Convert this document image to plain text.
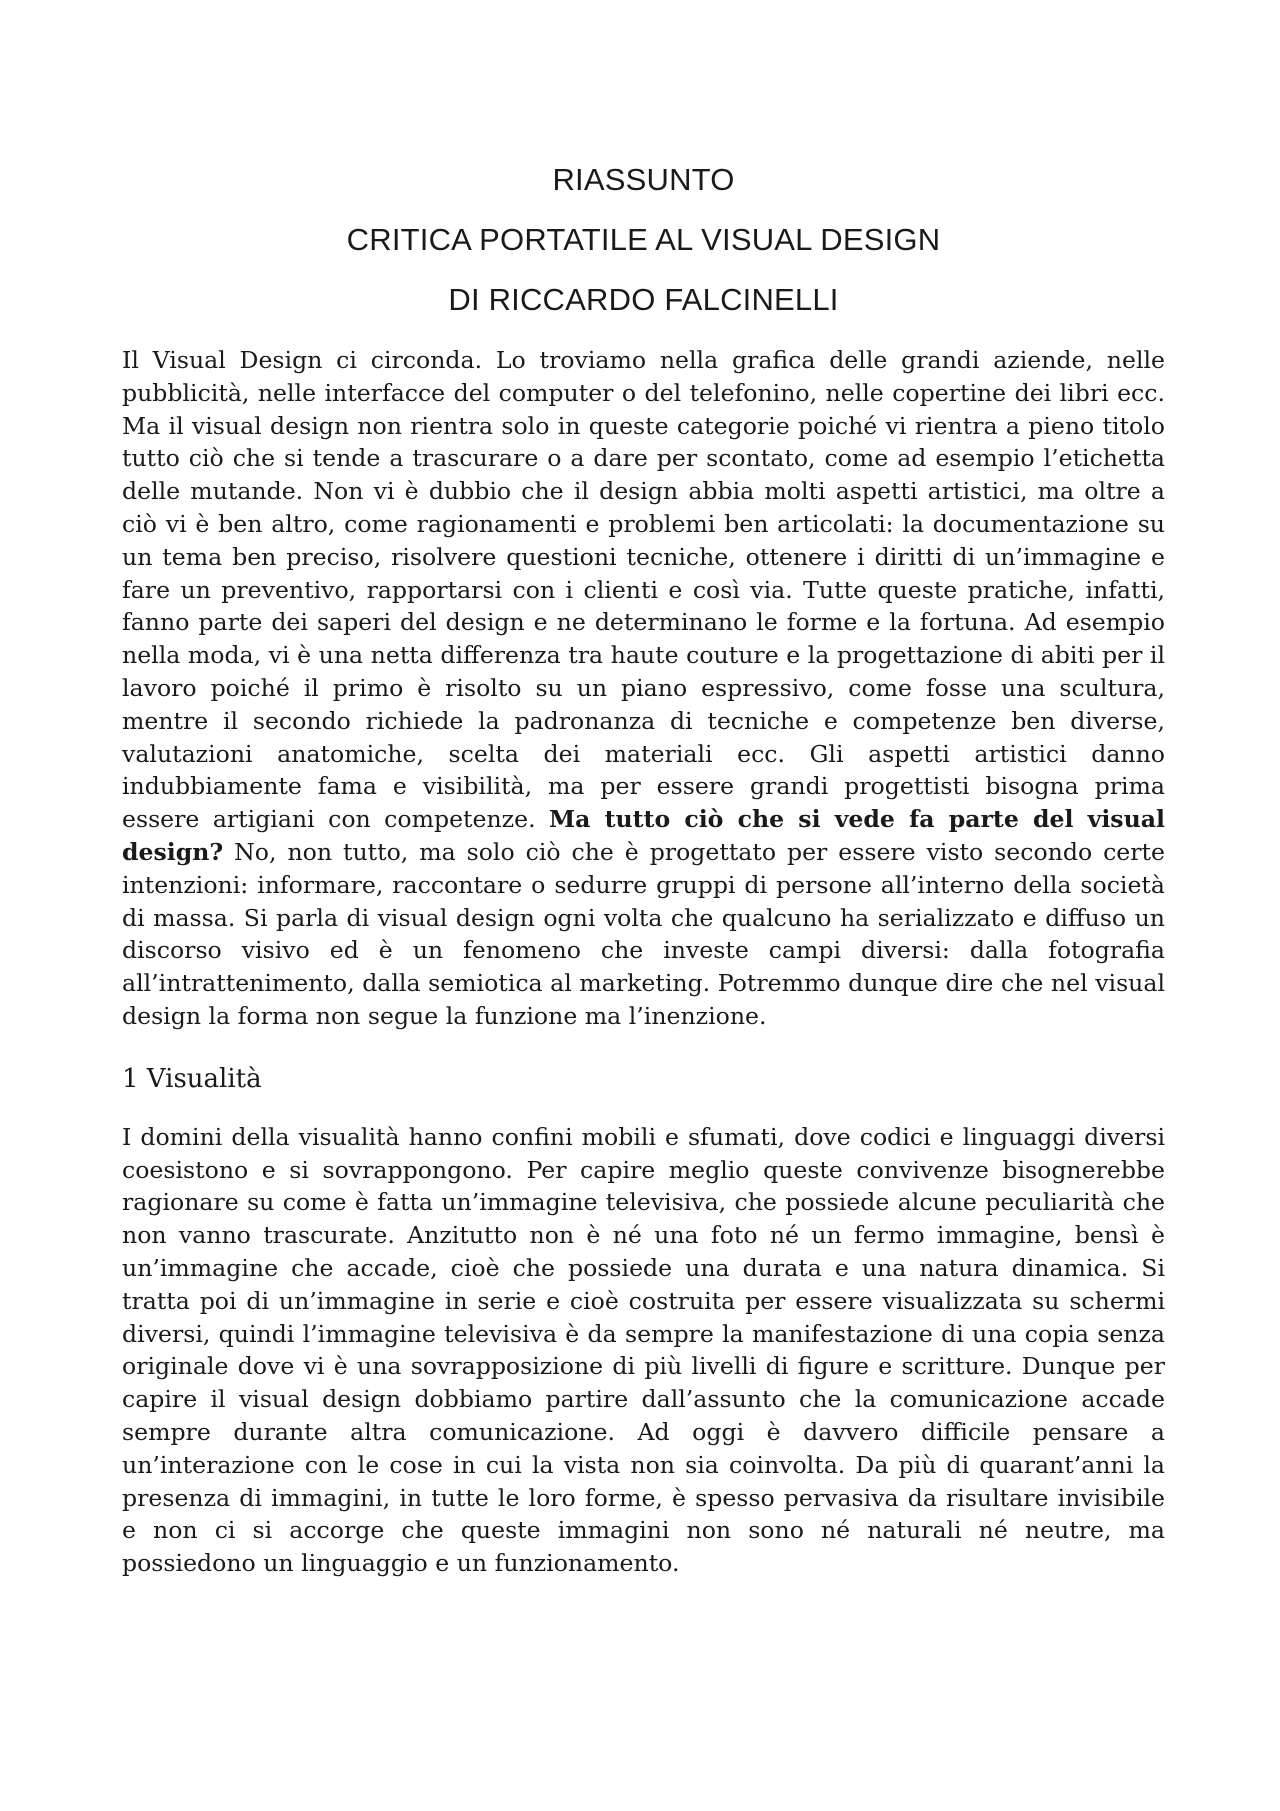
RIASSUNTO
CRITICA PORTATILE AL VISUAL DESIGN
DI RICCARDO FALCINELLI

Il Visual Design ci circonda. Lo troviamo nella grafica delle grandi aziende, nelle pubblicità, nelle interfacce del computer o del telefonino, nelle copertine dei libri ecc. Ma il visual design non rientra solo in queste categorie poiché vi rientra a pieno titolo tutto ciò che si tende a trascurare o a dare per scontato, come ad esempio l’etichetta delle mutande. Non vi è dubbio che il design abbia molti aspetti artistici, ma oltre a ciò vi è ben altro, come ragionamenti e problemi ben articolati: la documentazione su un tema ben preciso, risolvere questioni tecniche, ottenere i diritti di un’immagine e fare un preventivo, rapportarsi con i clienti e così via. Tutte queste pratiche, infatti, fanno parte dei saperi del design e ne determinano le forme e la fortuna. Ad esempio nella moda, vi è una netta differenza tra haute couture e la progettazione di abiti per il lavoro poiché il primo è risolto su un piano espressivo, come fosse una scultura, mentre il secondo richiede la padronanza di tecniche e competenze ben diverse, valutazioni anatomiche, scelta dei materiali ecc. Gli aspetti artistici danno indubbiamente fama e visibilità, ma per essere grandi progettisti bisogna prima essere artigiani con competenze. Ma tutto ciò che si vede fa parte del visual design? No, non tutto, ma solo ciò che è progettato per essere visto secondo certe intenzioni: informare, raccontare o sedurre gruppi di persone all’interno della società di massa. Si parla di visual design ogni volta che qualcuno ha serializzato e diffuso un discorso visivo ed è un fenomeno che investe campi diversi: dalla fotografia all’intrattenimento, dalla semiotica al marketing. Potremmo dunque dire che nel visual design la forma non segue la funzione ma l’inenzione.

1 Visualità

I domini della visualità hanno confini mobili e sfumati, dove codici e linguaggi diversi coesistono e si sovrappongono. Per capire meglio queste convivenze bisognerebbe ragionare su come è fatta un’immagine televisiva, che possiede alcune peculiarità che non vanno trascurate. Anzitutto non è né una foto né un fermo immagine, bensì è un’immagine che accade, cioè che possiede una durata e una natura dinamica. Si tratta poi di un’immagine in serie e cioè costruita per essere visualizzata su schermi diversi, quindi l’immagine televisiva è da sempre la manifestazione di una copia senza originale dove vi è una sovrapposizione di più livelli di figure e scritture. Dunque per capire il visual design dobbiamo partire dall’assunto che la comunicazione accade sempre durante altra comunicazione. Ad oggi è davvero difficile pensare a un’interazione con le cose in cui la vista non sia coinvolta. Da più di quarant’anni la presenza di immagini, in tutte le loro forme, è spesso pervasiva da risultare invisibile e non ci si accorge che queste immagini non sono né naturali né neutre, ma possiedono un linguaggio e un funzionamento.
